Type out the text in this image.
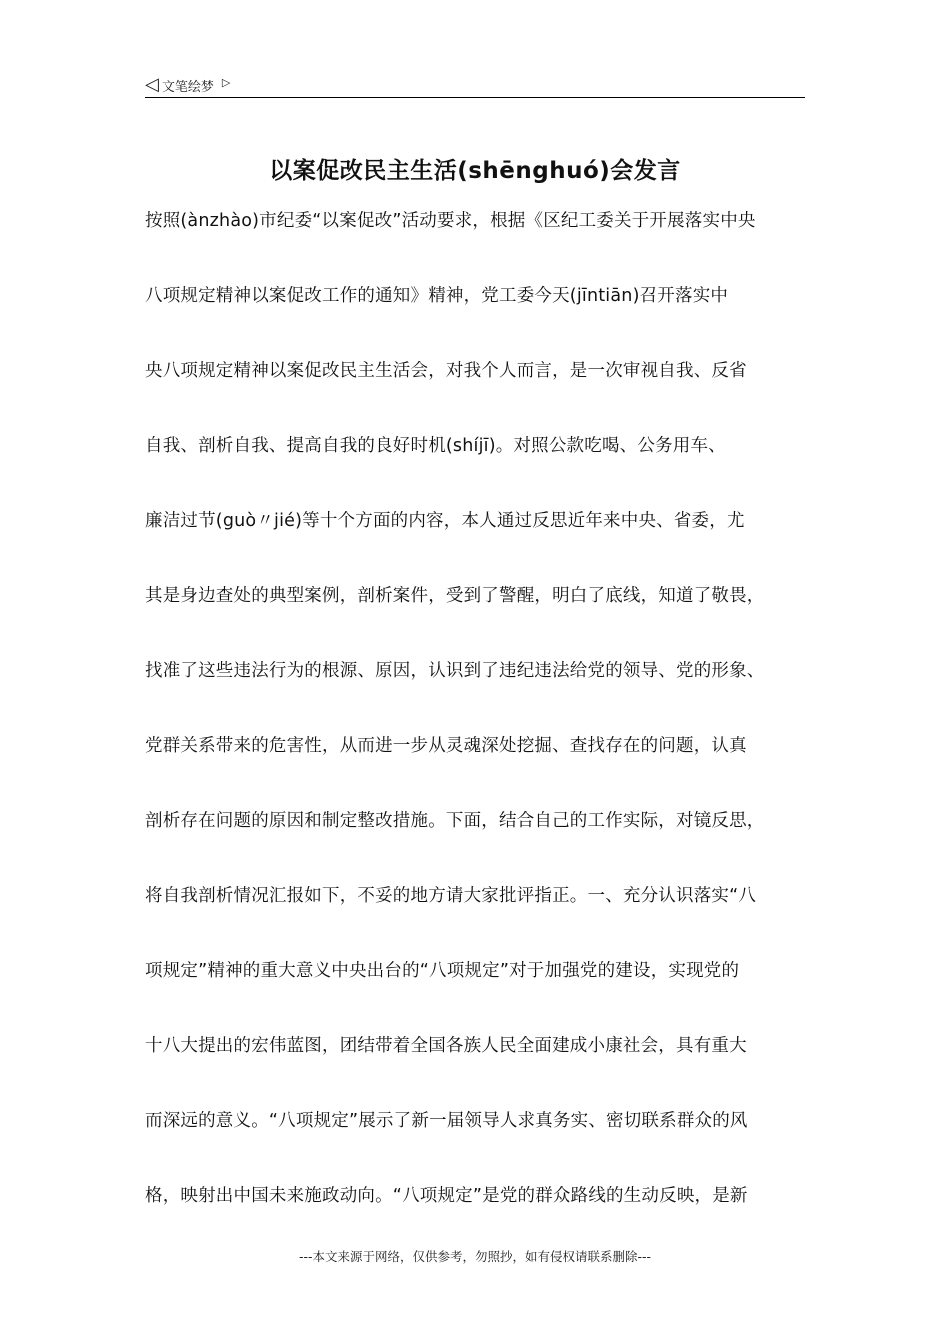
◁ 文笔绘梦 ▷
以案促改民主生活(shēnghuó)会发言
按照(ànzhào)市纪委“以案促改”活动要求，根据《区纪工委关于开展落实中央
八项规定精神以案促改工作的通知》精神，党工委今天(jīntiān)召开落实中
央八项规定精神以案促改民主生活会，对我个人而言，是一次审视自我、反省
自我、剖析自我、提高自我的良好时机(shíjī)。对照公款吃喝、公务用车、
廉洁过节(guò〃jié)等十个方面的内容，本人通过反思近年来中央、省委，尤
其是身边查处的典型案例，剖析案件，受到了警醒，明白了底线，知道了敬畏，
找准了这些违法行为的根源、原因，认识到了违纪违法给党的领导、党的形象、
党群关系带来的危害性，从而进一步从灵魂深处挖掘、查找存在的问题，认真
剖析存在问题的原因和制定整改措施。下面，结合自己的工作实际，对镜反思，
将自我剖析情况汇报如下，不妥的地方请大家批评指正。一、充分认识落实“八
项规定”精神的重大意义中央出台的“八项规定”对于加强党的建设，实现党的
十八大提出的宏伟蓝图，团结带着全国各族人民全面建成小康社会，具有重大
而深远的意义。“八项规定”展示了新一届领导人求真务实、密切联系群众的风
格，映射出中国未来施政动向。“八项规定”是党的群众路线的生动反映，是新
---本文来源于网络，仅供参考，勿照抄，如有侵权请联系删除---
